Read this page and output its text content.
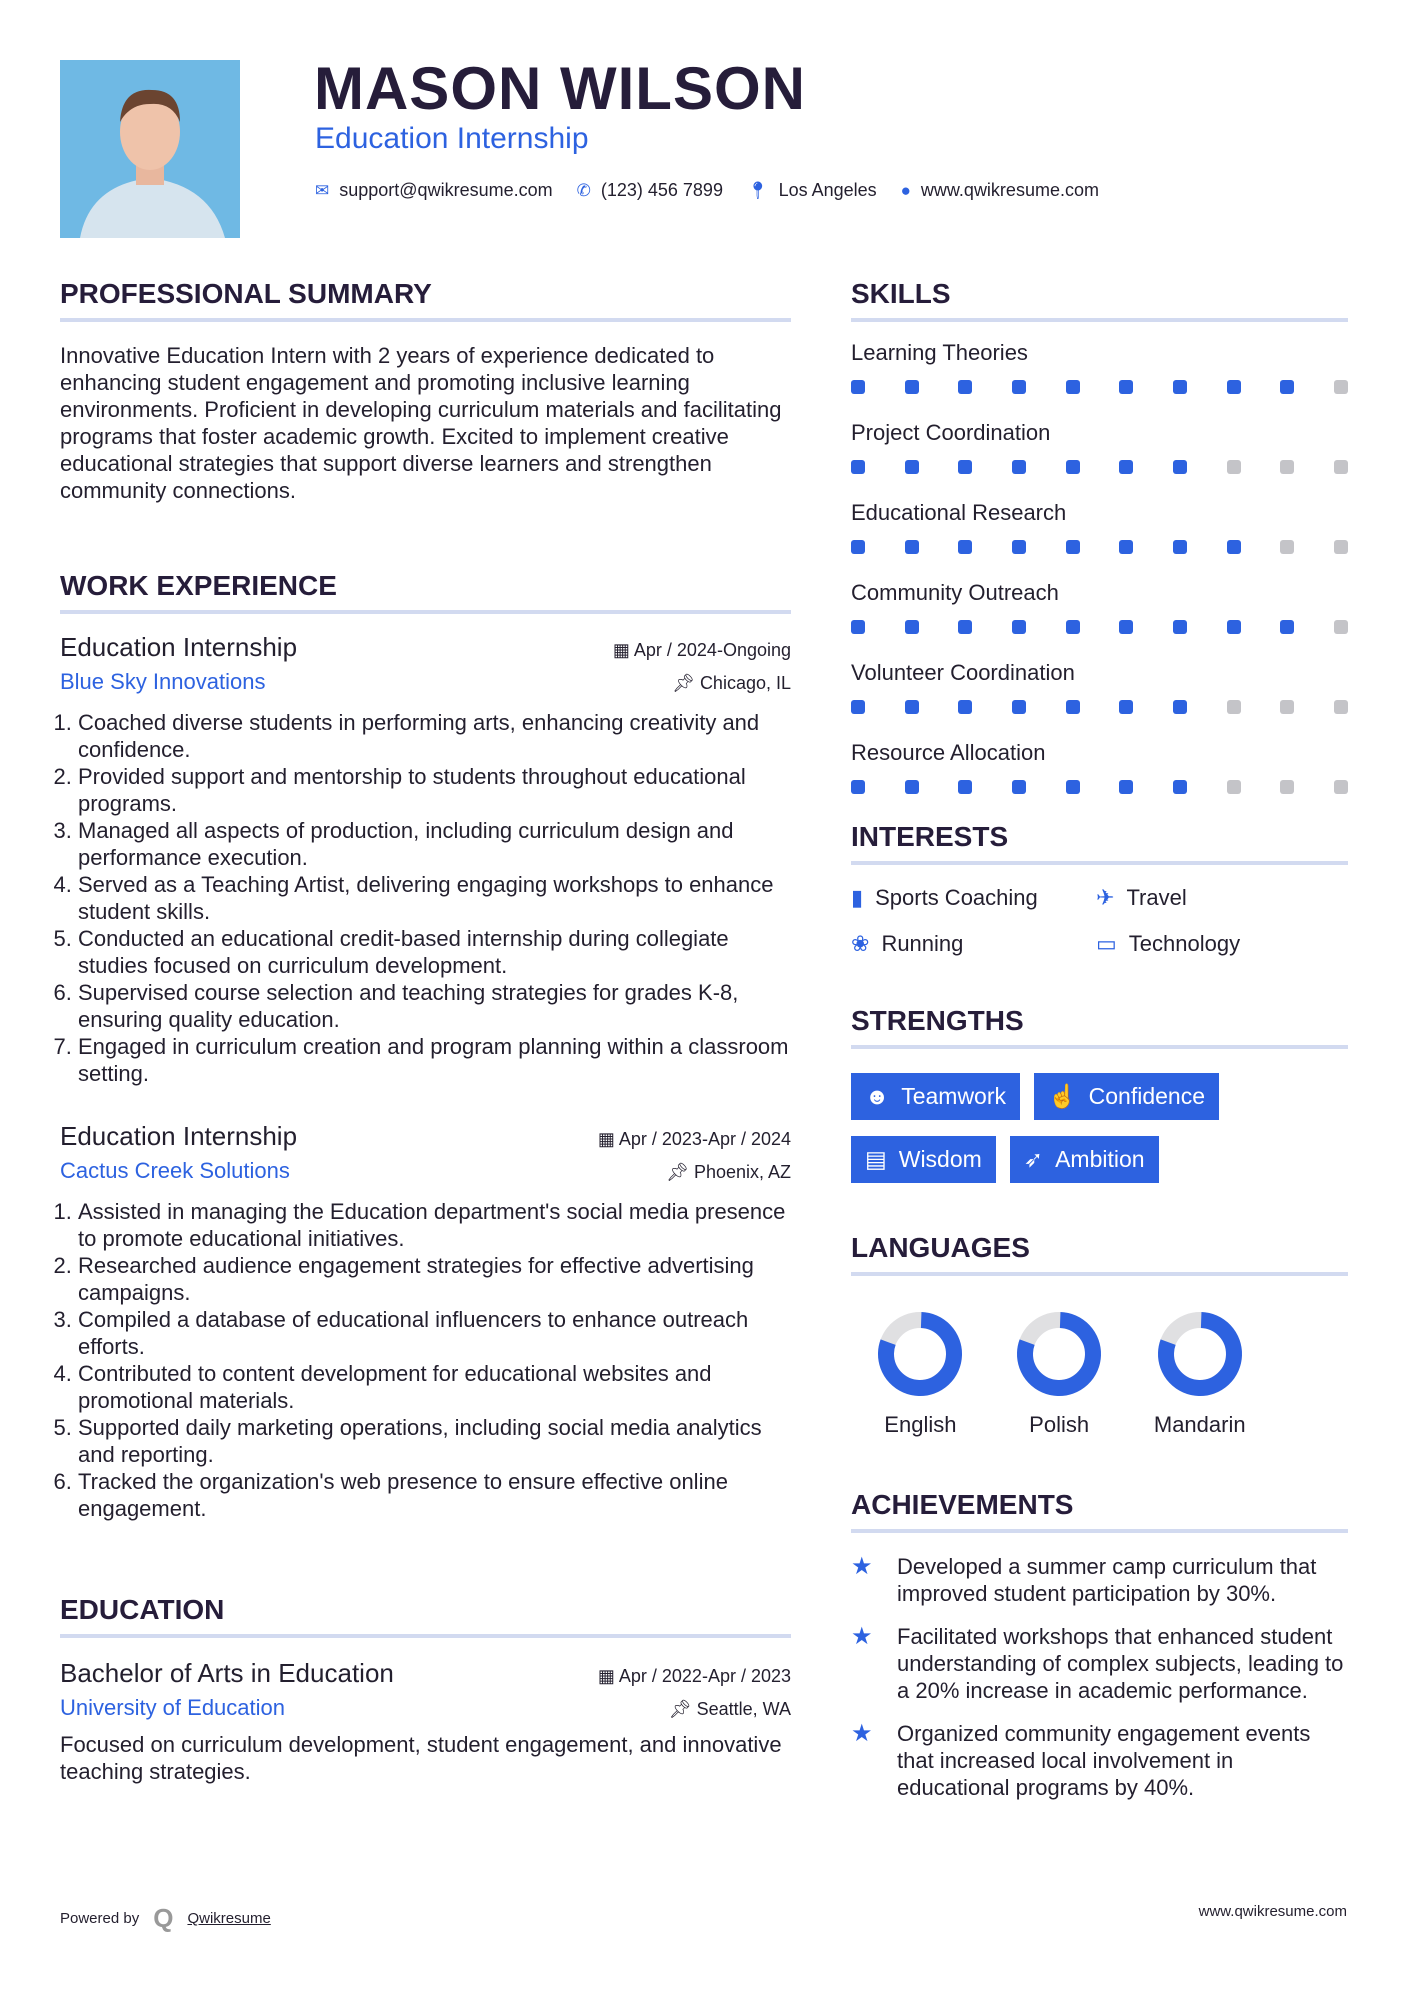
MASON WILSON
Education Internship
✉ support@qwikresume.com ✆ (123) 456 7899 📍︎ Los Angeles ● www.qwikresume.com
PROFESSIONAL SUMMARY

Innovative Education Intern with 2 years of experience dedicated to enhancing student engagement and promoting inclusive learning environments. Proficient in developing curriculum materials and facilitating programs that foster academic growth. Excited to implement creative educational strategies that support diverse learners and strengthen community connections.

WORK EXPERIENCE
Education Internship	▦ Apr / 2024-Ongoing
Blue Sky Innovations	📌︎ Chicago, IL
1. Coached diverse students in performing arts, enhancing creativity and confidence.
2. Provided support and mentorship to students throughout educational programs.
3. Managed all aspects of production, including curriculum design and performance execution.
4. Served as a Teaching Artist, delivering engaging workshops to enhance student skills.
5. Conducted an educational credit-based internship during collegiate studies focused on curriculum development.
6. Supervised course selection and teaching strategies for grades K-8, ensuring quality education.
7. Engaged in curriculum creation and program planning within a classroom setting.
Education Internship	▦ Apr / 2023-Apr / 2024
Cactus Creek Solutions	📌︎ Phoenix, AZ
1. Assisted in managing the Education department's social media presence to promote educational initiatives.
2. Researched audience engagement strategies for effective advertising campaigns.
3. Compiled a database of educational influencers to enhance outreach efforts.
4. Contributed to content development for educational websites and promotional materials.
5. Supported daily marketing operations, including social media analytics and reporting.
6. Tracked the organization's web presence to ensure effective online engagement.
EDUCATION
Bachelor of Arts in Education	▦ Apr / 2022-Apr / 2023
University of Education	📌︎ Seattle, WA

Focused on curriculum development, student engagement, and innovative teaching strategies.

SKILLS
Learning Theories
Project Coordination
Educational Research
Community Outreach
Volunteer Coordination
Resource Allocation
INTERESTS
▮ Sports Coaching	✈ Travel
❀ Running	▭ Technology
STRENGTHS
☻ Teamwork ☝ Confidence
▤ Wisdom ➶ Ambition
LANGUAGES
English	Polish	Mandarin
ACHIEVEMENTS
★	Developed a summer camp curriculum that improved student participation by 30%.
★	Facilitated workshops that enhanced student understanding of complex subjects, leading to a 20% increase in academic performance.
★	Organized community engagement events that increased local involvement in educational programs by 40%.
Powered by Q Qwikresume	www.qwikresume.com
